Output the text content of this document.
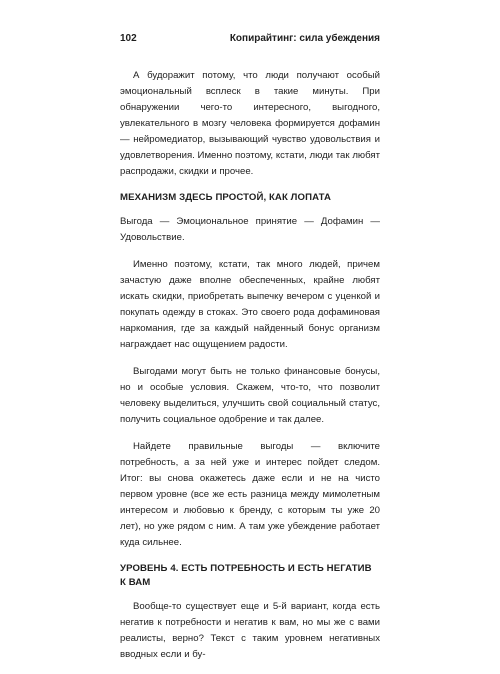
102	Копирайтинг: сила убеждения

А будоражит потому, что люди получают особый эмоциональный всплеск в такие минуты. При обнаружении чего-то интересного, выгодного, увлекательного в мозгу человека формируется дофамин — нейромедиатор, вызывающий чувство удовольствия и удовлетворения. Именно поэтому, кстати, люди так любят распродажи, скидки и прочее.

МЕХАНИЗМ ЗДЕСЬ ПРОСТОЙ, КАК ЛОПАТА

Выгода — Эмоциональное принятие — Дофамин — Удовольствие.

Именно поэтому, кстати, так много людей, причем зачастую даже вполне обеспеченных, крайне любят искать скидки, приобретать выпечку вечером с уценкой и покупать одежду в стоках. Это своего рода дофаминовая наркомания, где за каждый найденный бонус организм награждает нас ощущением радости.

Выгодами могут быть не только финансовые бонусы, но и особые условия. Скажем, что-то, что позволит человеку выделиться, улучшить свой социальный статус, получить социальное одобрение и так далее.

Найдете правильные выгоды — включите потребность, а за ней уже и интерес пойдет следом. Итог: вы снова окажетесь даже если и не на чисто первом уровне (все же есть разница между мимолетным интересом и любовью к бренду, с которым ты уже 20 лет), но уже рядом с ним. А там уже убеждение работает куда сильнее.

УРОВЕНЬ 4. ЕСТЬ ПОТРЕБНОСТЬ И ЕСТЬ НЕГАТИВ К ВАМ

Вообще-то существует еще и 5-й вариант, когда есть негатив к потребности и негатив к вам, но мы же с вами реалисты, верно? Текст с таким уровнем негативных вводных если и бу-
